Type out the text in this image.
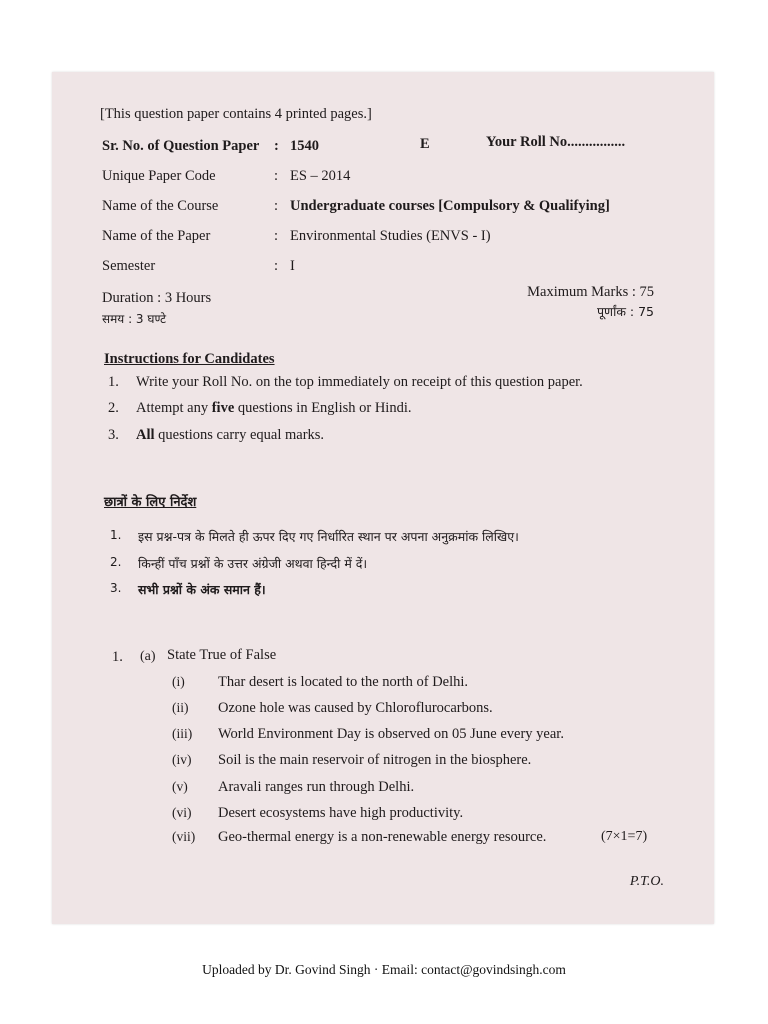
[This question paper contains 4 printed pages.]
Sr. No. of Question Paper : 1540	E	Your Roll No................
Unique Paper Code	: ES – 2014
Name of the Course	: Undergraduate courses [Compulsory & Qualifying]
Name of the Paper	: Environmental Studies (ENVS - I)
Semester	: I
Duration : 3 Hours
समय : 3 घण्टे
Maximum Marks : 75
पूर्णांक : 75
Instructions for Candidates
1. Write your Roll No. on the top immediately on receipt of this question paper.
2. Attempt any five questions in English or Hindi.
3. All questions carry equal marks.
छात्रों के लिए निर्देश
1. इस प्रश्न-पत्र के मिलते ही ऊपर दिए गए निर्धारित स्थान पर अपना अनुक्रमांक लिखिए।
2. किन्हीं पाँच प्रश्नों के उत्तर अंग्रेजी अथवा हिन्दी में दें।
3. सभी प्रश्नों के अंक समान हैं।
1. (a) State True of False
(i) Thar desert is located to the north of Delhi.
(ii) Ozone hole was caused by Chloroflurocarbons.
(iii) World Environment Day is observed on 05 June every year.
(iv) Soil is the main reservoir of nitrogen in the biosphere.
(v) Aravali ranges run through Delhi.
(vi) Desert ecosystems have high productivity.
(vii) Geo-thermal energy is a non-renewable energy resource.	(7×1=7)
P.T.O.
Uploaded by Dr. Govind Singh · Email: contact@govindsingh.com
